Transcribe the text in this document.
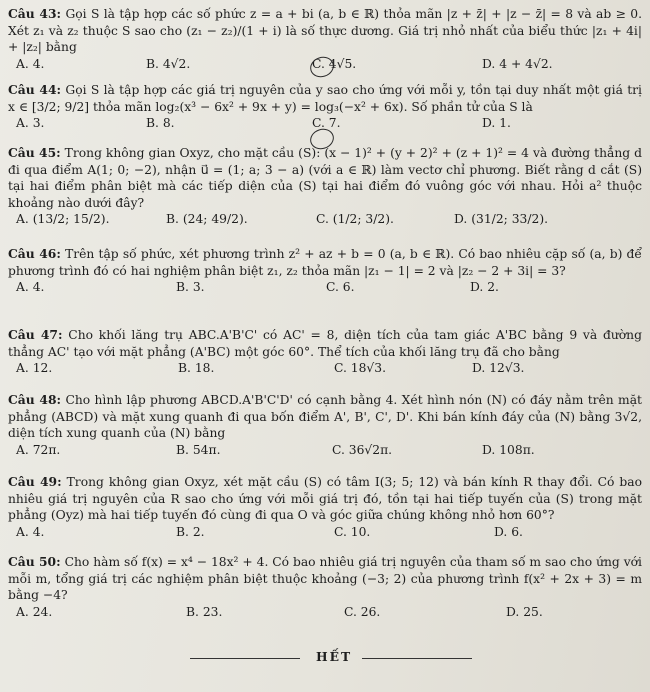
Câu 43: Gọi S là tập hợp các số phức z = a + bi (a, b ∈ ℝ) thỏa mãn |z + z̄| + |z − z̄| = 8 và ab ≥ 0. Xét z₁ và z₂ thuộc S sao cho (z₁ − z₂)/(1 + i) là số thực dương. Giá trị nhỏ nhất của biểu thức |z₁ + 4i| + |z₂| bằng

A. 4.	B. 4√2.	C. 4√5.	D. 4 + 4√2.

Câu 44: Gọi S là tập hợp các giá trị nguyên của y sao cho ứng với mỗi y, tồn tại duy nhất một giá trị x ∈ [3/2; 9/2] thỏa mãn log₂(x³ − 6x² + 9x + y) = log₃(−x² + 6x). Số phần tử của S là

A. 3.	B. 8.	C. 7.	D. 1.

Câu 45: Trong không gian Oxyz, cho mặt cầu (S): (x − 1)² + (y + 2)² + (z + 1)² = 4 và đường thẳng d đi qua điểm A(1; 0; −2), nhận u⃗ = (1; a; 3 − a) (với a ∈ ℝ) làm vectơ chỉ phương. Biết rằng d cắt (S) tại hai điểm phân biệt mà các tiếp diện của (S) tại hai điểm đó vuông góc với nhau. Hỏi a² thuộc khoảng nào dưới đây?

A. (13/2; 15/2).	B. (24; 49/2).	C. (1/2; 3/2).	D. (31/2; 33/2).

Câu 46: Trên tập số phức, xét phương trình z² + az + b = 0 (a, b ∈ ℝ). Có bao nhiêu cặp số (a, b) để phương trình đó có hai nghiệm phân biệt z₁, z₂ thỏa mãn |z₁ − 1| = 2 và |z₂ − 2 + 3i| = 3?

A. 4.	B. 3.	C. 6.	D. 2.

Câu 47: Cho khối lăng trụ ABC.A'B'C' có AC' = 8, diện tích của tam giác A'BC bằng 9 và đường thẳng AC' tạo với mặt phẳng (A'BC) một góc 60°. Thể tích của khối lăng trụ đã cho bằng

A. 12.	B. 18.	C. 18√3.	D. 12√3.

Câu 48: Cho hình lập phương ABCD.A'B'C'D' có cạnh bằng 4. Xét hình nón (N) có đáy nằm trên mặt phẳng (ABCD) và mặt xung quanh đi qua bốn điểm A', B', C', D'. Khi bán kính đáy của (N) bằng 3√2, diện tích xung quanh của (N) bằng

A. 72π.	B. 54π.	C. 36√2π.	D. 108π.

Câu 49: Trong không gian Oxyz, xét mặt cầu (S) có tâm I(3; 5; 12) và bán kính R thay đổi. Có bao nhiêu giá trị nguyên của R sao cho ứng với mỗi giá trị đó, tồn tại hai tiếp tuyến của (S) trong mặt phẳng (Oyz) mà hai tiếp tuyến đó cùng đi qua O và góc giữa chúng không nhỏ hơn 60°?

A. 4.	B. 2.	C. 10.	D. 6.

Câu 50: Cho hàm số f(x) = x⁴ − 18x² + 4. Có bao nhiêu giá trị nguyên của tham số m sao cho ứng với mỗi m, tổng giá trị các nghiệm phân biệt thuộc khoảng (−3; 2) của phương trình f(x² + 2x + 3) = m bằng −4?

A. 24.	B. 23.	C. 26.	D. 25.
HẾT
